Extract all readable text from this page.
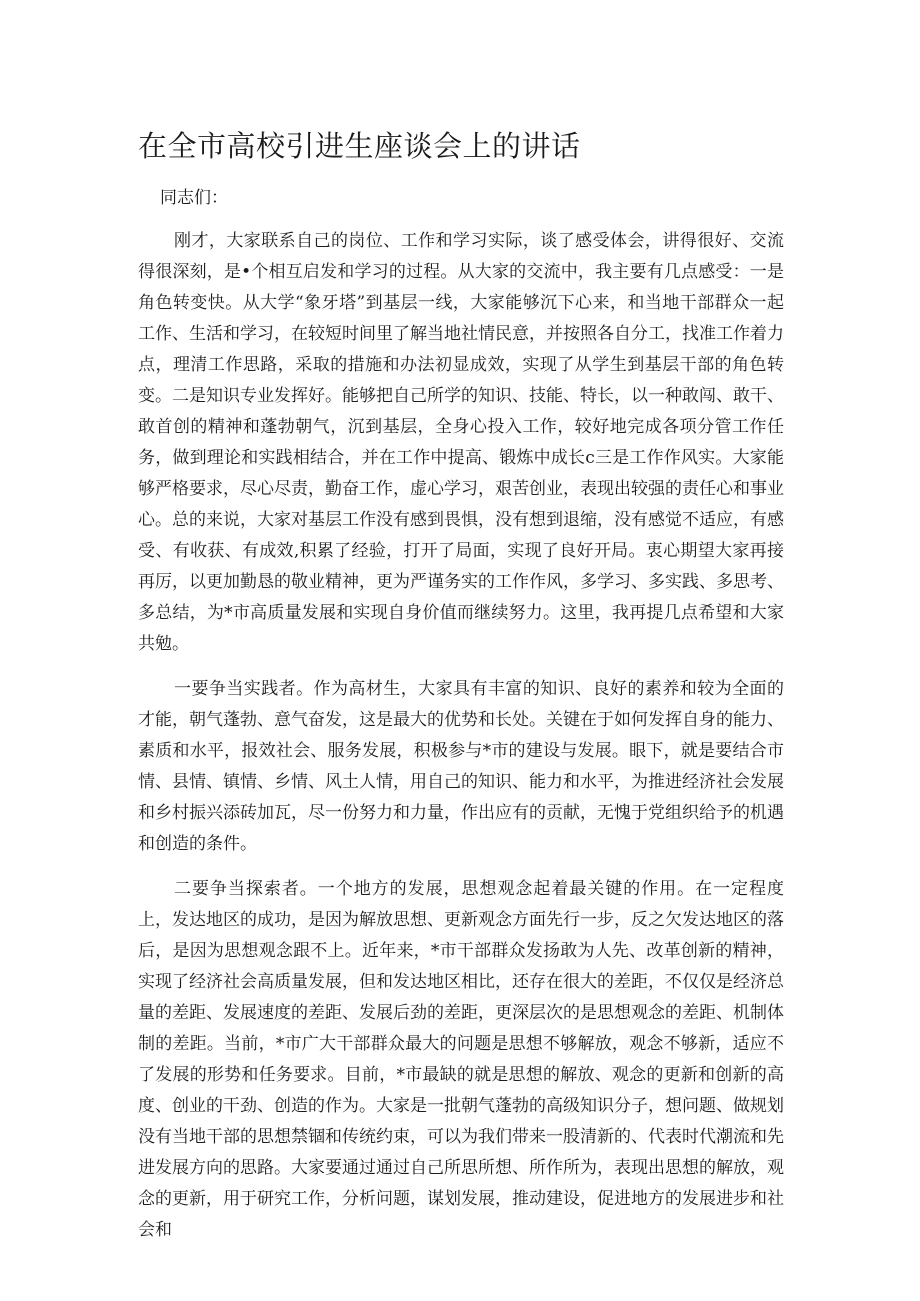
在全市高校引进生座谈会上的讲话
同志们：

刚才，大家联系自己的岗位、工作和学习实际，谈了感受体会，讲得很好、交流得很深刻，是•个相互启发和学习的过程。从大家的交流中，我主要有几点感受：一是角色转变快。从大学“象牙塔”到基层一线，大家能够沉下心来，和当地干部群众一起工作、生活和学习，在较短时间里了解当地社情民意，并按照各自分工，找准工作着力点，理清工作思路，采取的措施和办法初显成效，实现了从学生到基层干部的角色转变。二是知识专业发挥好。能够把自己所学的知识、技能、特长，以一种敢闯、敢干、敢首创的精神和蓬勃朝气，沉到基层，全身心投入工作，较好地完成各项分管工作任务，做到理论和实践相结合，并在工作中提高、锻炼中成长c三是工作作风实。大家能够严格要求，尽心尽责，勤奋工作，虚心学习，艰苦创业，表现出较强的责任心和事业心。总的来说，大家对基层工作没有感到畏惧，没有想到退缩，没有感觉不适应，有感受、有收获、有成效,积累了经验，打开了局面，实现了良好开局。衷心期望大家再接再厉，以更加勤恳的敬业精神，更为严谨务实的工作作风，多学习、多实践、多思考、多总结，为*市高质量发展和实现自身价值而继续努力。这里，我再提几点希望和大家共勉。

一要争当实践者。作为高材生，大家具有丰富的知识、良好的素养和较为全面的才能，朝气蓬勃、意气奋发，这是最大的优势和长处。关键在于如何发挥自身的能力、素质和水平，报效社会、服务发展，积极参与*市的建设与发展。眼下，就是要结合市情、县情、镇情、乡情、风土人情，用自己的知识、能力和水平，为推进经济社会发展和乡村振兴添砖加瓦，尽一份努力和力量，作出应有的贡献，无愧于党组织给予的机遇和创造的条件。

二要争当探索者。一个地方的发展，思想观念起着最关键的作用。在一定程度上，发达地区的成功，是因为解放思想、更新观念方面先行一步，反之欠发达地区的落后，是因为思想观念跟不上。近年来，*市干部群众发扬敢为人先、改革创新的精神，实现了经济社会高质量发展，但和发达地区相比，还存在很大的差距，不仅仅是经济总量的差距、发展速度的差距、发展后劲的差距，更深层次的是思想观念的差距、机制体制的差距。当前，*市广大干部群众最大的问题是思想不够解放，观念不够新，适应不了发展的形势和任务要求。目前，*市最缺的就是思想的解放、观念的更新和创新的高度、创业的干劲、创造的作为。大家是一批朝气蓬勃的高级知识分子，想问题、做规划没有当地干部的思想禁锢和传统约束，可以为我们带来一股清新的、代表时代潮流和先进发展方向的思路。大家要通过通过自己所思所想、所作所为，表现出思想的解放，观念的更新，用于研究工作，分析问题，谋划发展，推动建设，促进地方的发展进步和社会和
